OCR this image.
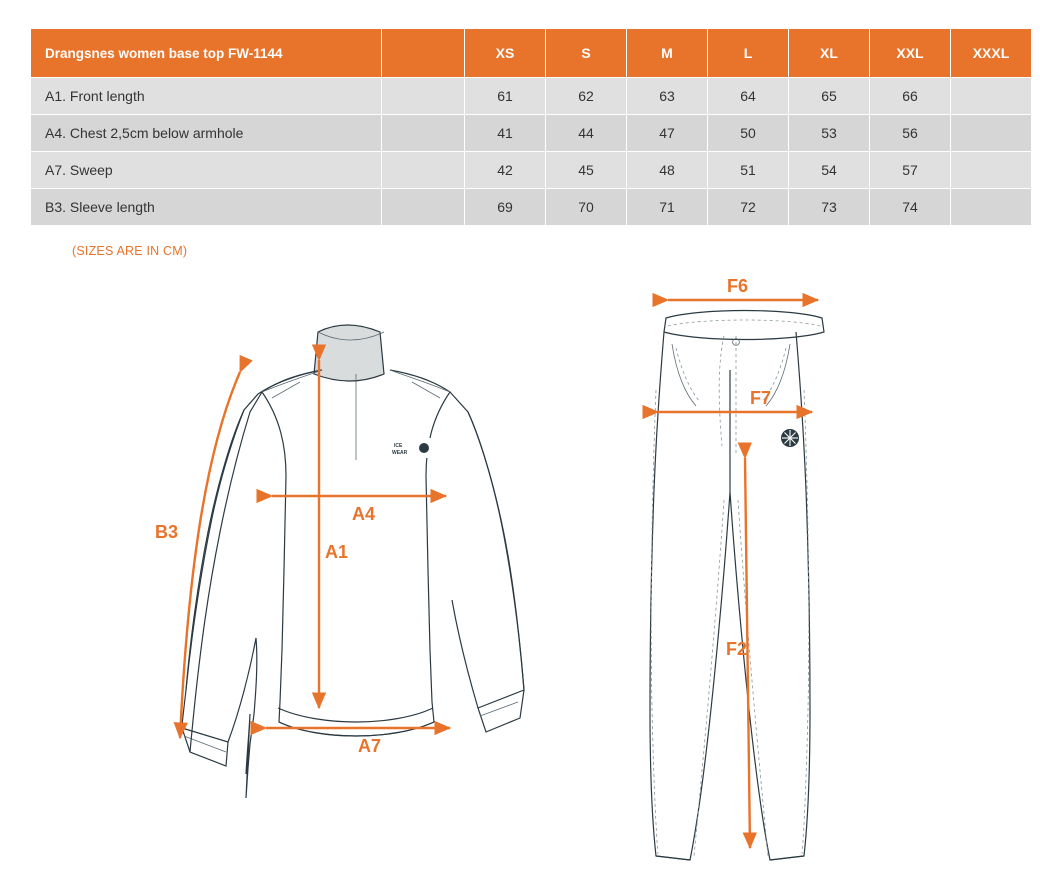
Drangsnes women base top FW-1144		XS	S	M	L	XL	XXL	XXXL
A1. Front length		61	62	63	64	65	66	
A4. Chest 2,5cm below armhole		41	44	47	50	53	56	
A7. Sweep		42	45	48	51	54	57	
B3. Sleeve length		69	70	71	72	73	74	
(SIZES ARE IN CM)
ICE
WEAR
B3
A4
A1
A7
F6
F7
F2
